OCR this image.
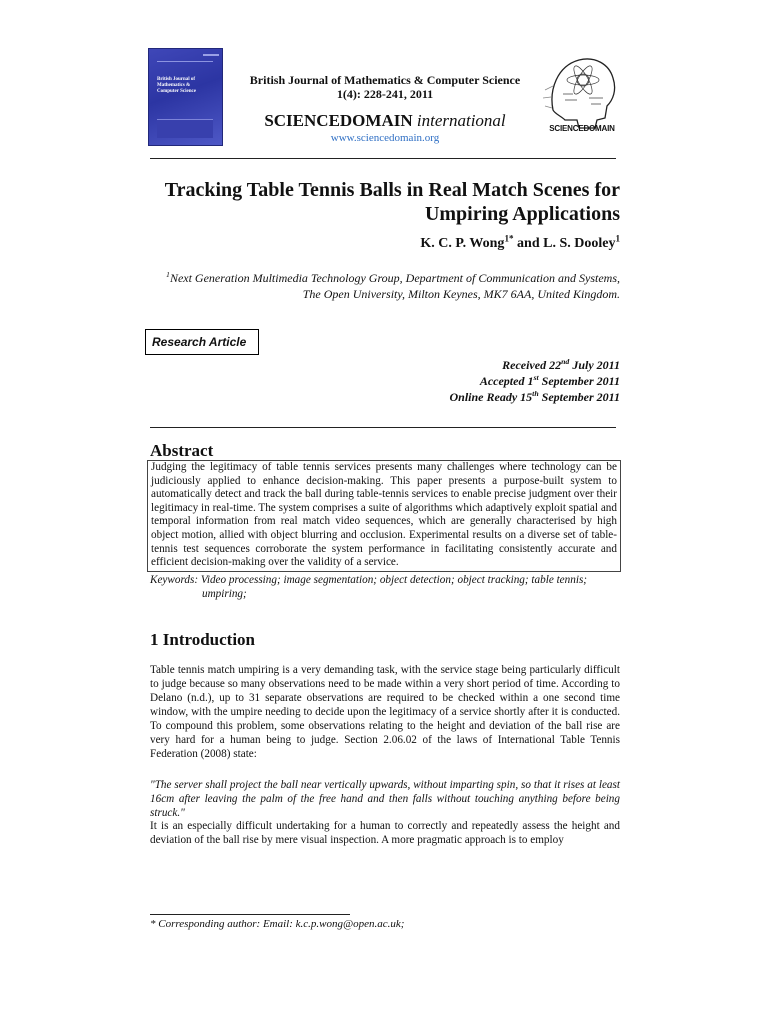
British Journal of Mathematics & Computer Science
British Journal of Mathematics & Computer Science
1(4): 228-241, 2011
SCIENCEDOMAIN international
www.sciencedomain.org
SCIENCEDOMAIN
Tracking Table Tennis Balls in Real Match Scenes for Umpiring Applications
K. C. P. Wong$^{1*}$ and L. S. Dooley$^1$
$^1$Next Generation Multimedia Technology Group, Department of Communication and Systems,
The Open University, Milton Keynes, MK7 6AA, United Kingdom.
Research Article
Received 22nd July 2011
Accepted 1st September 2011
Online Ready 15th September 2011
Abstract
Judging the legitimacy of table tennis services presents many challenges where technology can be judiciously applied to enhance decision-making. This paper presents a purpose-built system to automatically detect and track the ball during table-tennis services to enable precise judgment over their legitimacy in real-time. The system comprises a suite of algorithms which adaptively exploit spatial and temporal information from real match video sequences, which are generally characterised by high object motion, allied with object blurring and occlusion. Experimental results on a diverse set of table-tennis test sequences corroborate the system performance in facilitating consistently accurate and efficient decision-making over the validity of a service.
Keywords: Video processing; image segmentation; object detection; object tracking; table tennis;
umpiring;
1 Introduction
Table tennis match umpiring is a very demanding task, with the service stage being particularly difficult to judge because so many observations need to be made within a very short period of time. According to Delano (n.d.), up to 31 separate observations are required to be checked within a one second time window, with the umpire needing to decide upon the legitimacy of a service shortly after it is conducted. To compound this problem, some observations relating to the height and deviation of the ball rise are very hard for a human being to judge. Section 2.06.02 of the laws of International Table Tennis Federation (2008) state:
"The server shall project the ball near vertically upwards, without imparting spin, so that it rises at least 16cm after leaving the palm of the free hand and then falls without touching anything before being struck."
It is an especially difficult undertaking for a human to correctly and repeatedly assess the height and deviation of the ball rise by mere visual inspection. A more pragmatic approach is to employ
* Corresponding author: Email: k.c.p.wong@open.ac.uk;
